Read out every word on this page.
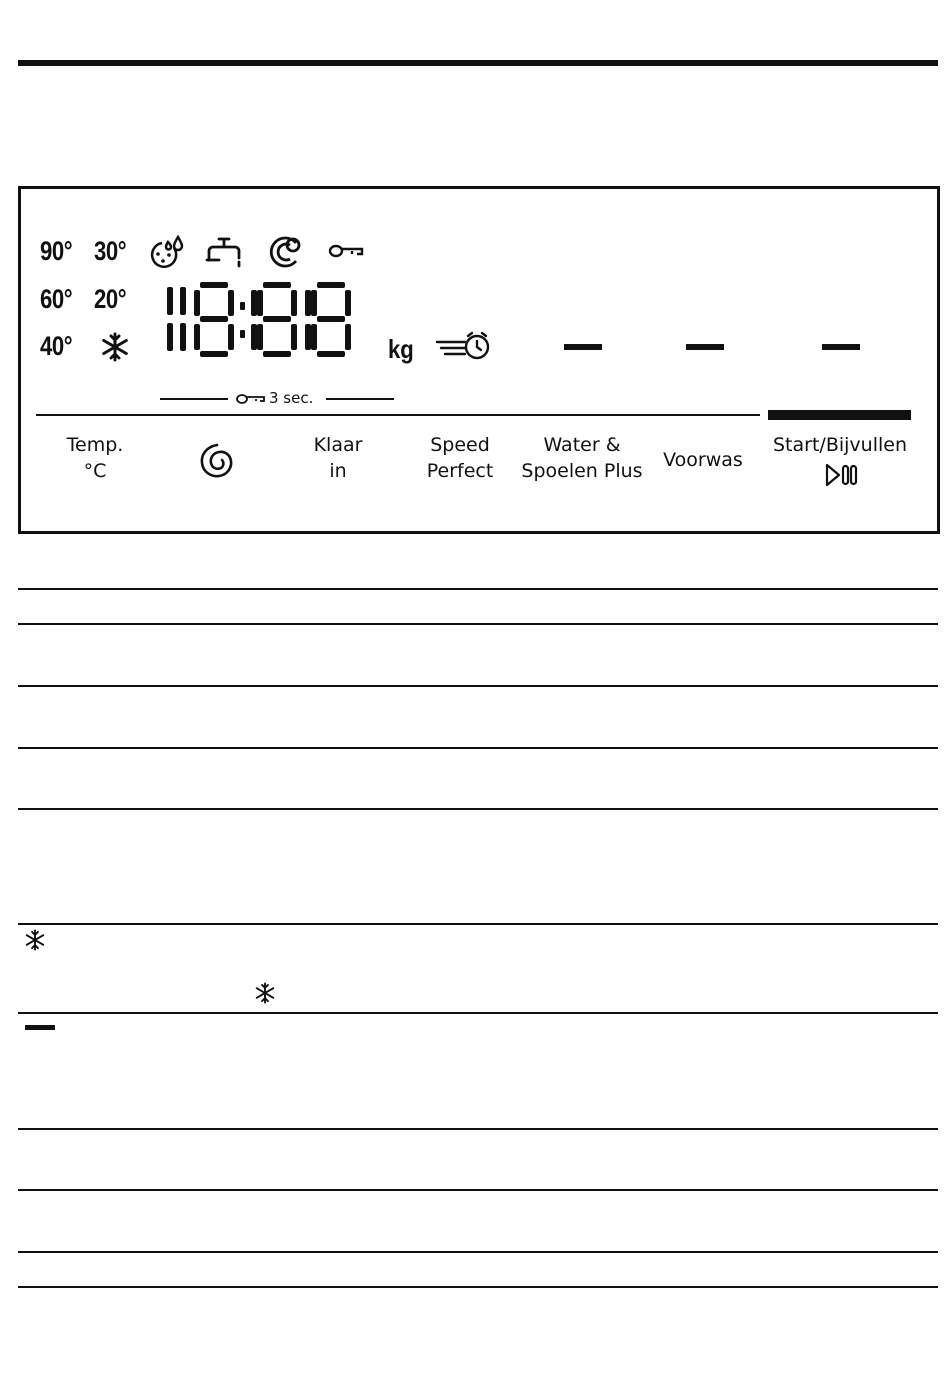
90° 30°
60° 20°
40°	kg
3 sec.
Temp.
°C
Klaar
in
Speed
Perfect
Water &
Spoelen Plus	Voorwas
Start/Bijvullen
